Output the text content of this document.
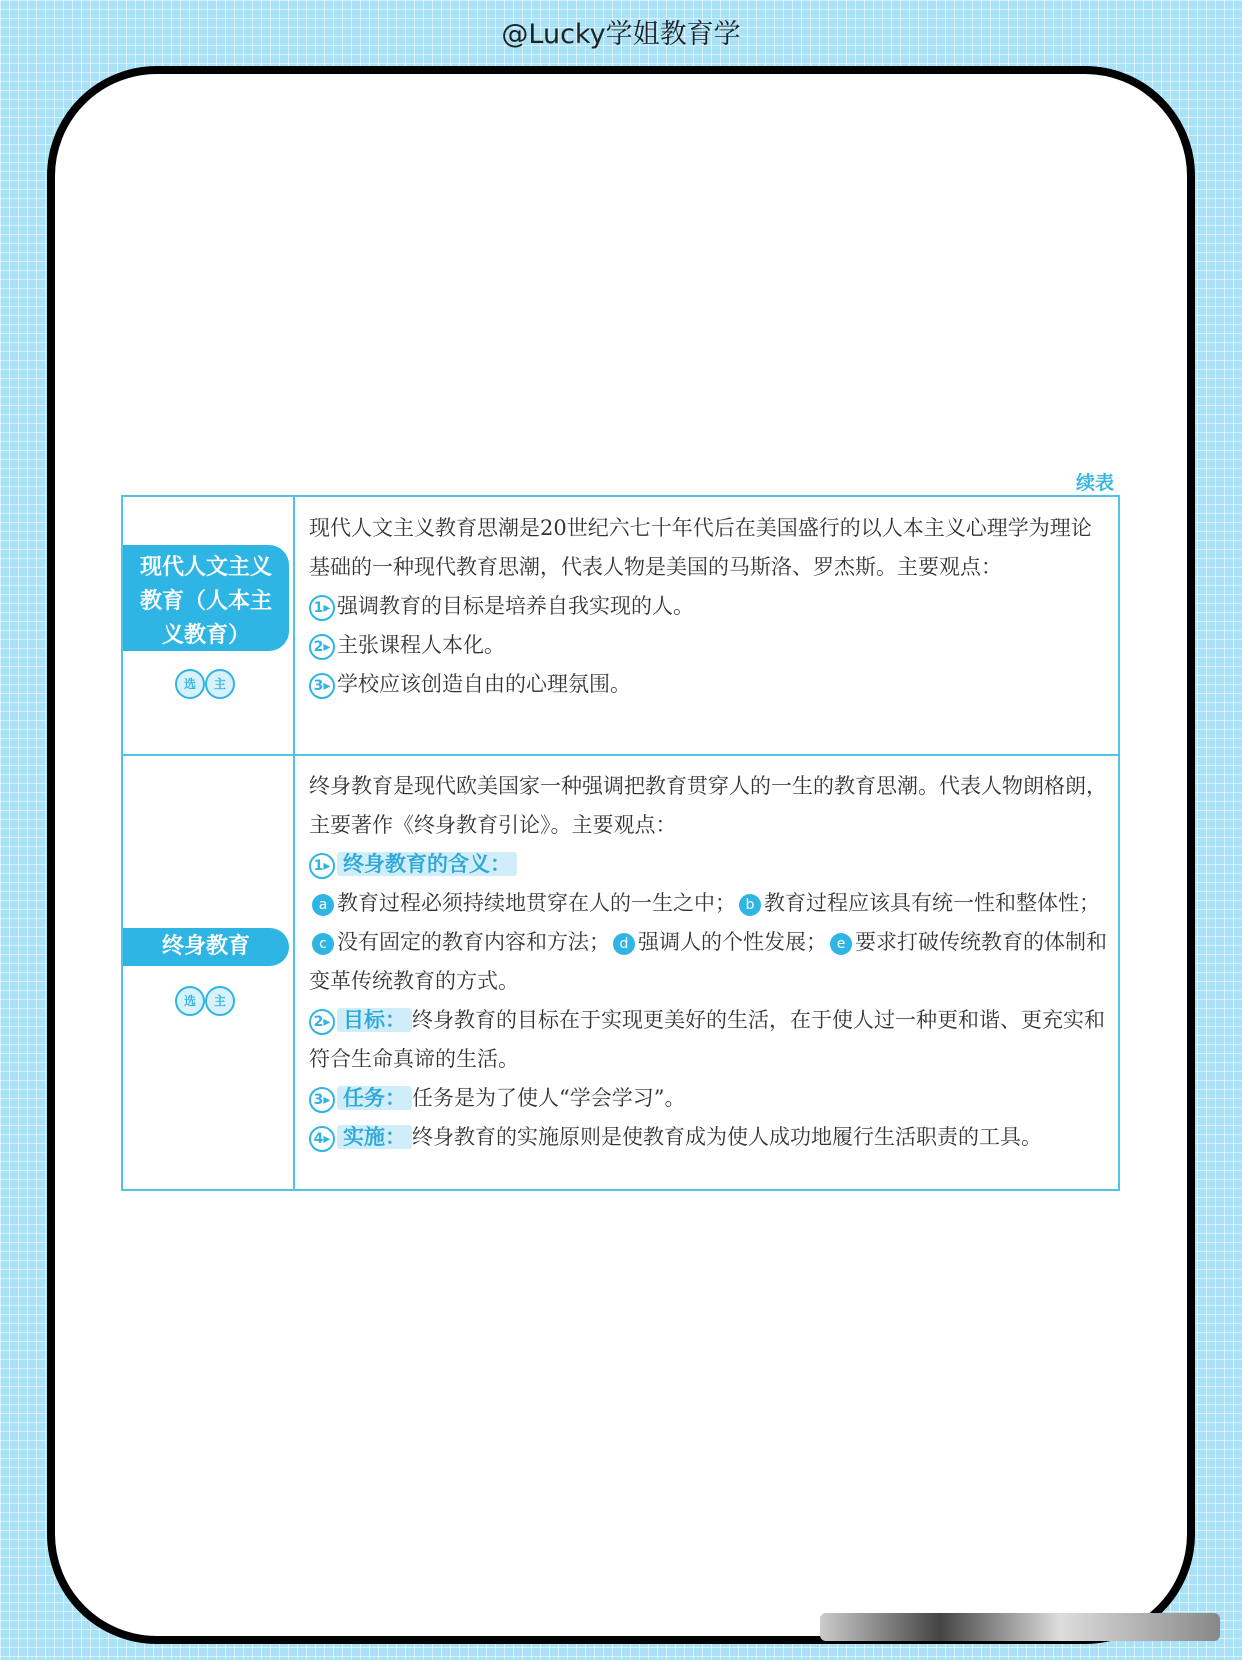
@Lucky学姐教育学
续表
现代人文主义教育（人本主义教育）
选	主

现代人文主义教育思潮是20世纪六七十年代后在美国盛行的以人本主义心理学为理论基础的一种现代教育思潮，代表人物是美国的马斯洛、罗杰斯。主要观点：

1 ▸ 强调教育的目标是培养自我实现的人。

2 ▸ 主张课程人本化。

3 ▸ 学校应该创造自由的心理氛围。

终身教育
选	主

终身教育是现代欧美国家一种强调把教育贯穿人的一生的教育思潮。代表人物朗格朗，主要著作《终身教育引论》。主要观点：

1 ▸ 终身教育的含义：

a 教育过程必须持续地贯穿在人的一生之中； b 教育过程应该具有统一性和整体性；c 没有固定的教育内容和方法； d 强调人的个性发展； e 要求打破传统教育的体制和变革传统教育的方式。

2 ▸ 目标： 终身教育的目标在于实现更美好的生活，在于使人过一种更和谐、更充实和符合生命真谛的生活。

3 ▸ 任务： 任务是为了使人“学会学习”。

4 ▸ 实施： 终身教育的实施原则是使教育成为使人成功地履行生活职责的工具。
